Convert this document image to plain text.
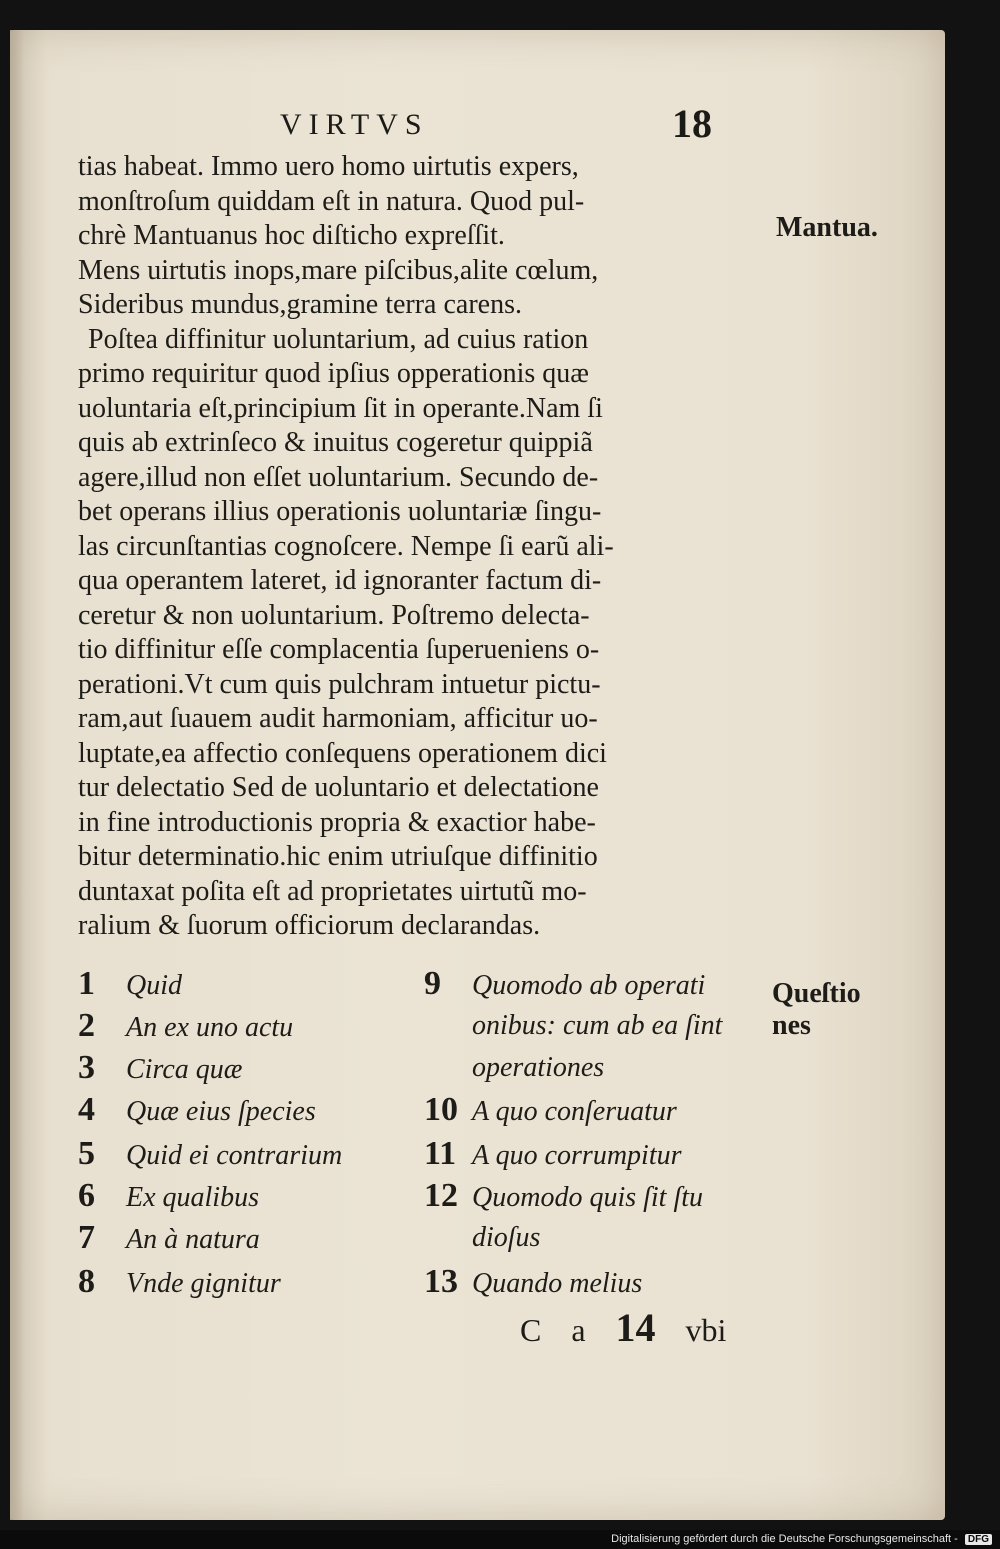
VIRTVS	18
tias habeat. Immo uero homo uirtutis expers,
monſtroſum quiddam eſt in natura. Quod pul-
chrè Mantuanus hoc diſticho expreſſit.
Mens uirtutis inops,mare piſcibus,alite cœlum,
Sideribus mundus,gramine terra carens.
Poſtea diffinitur uoluntarium, ad cuius ration
primo requiritur quod ipſius opperationis quæ
uoluntaria eſt,principium ſit in operante.Nam ſi
quis ab extrinſeco & inuitus cogeretur quippiã
agere,illud non eſſet uoluntarium. Secundo de-
bet operans illius operationis uoluntariæ ſingu-
las circunſtantias cognoſcere. Nempe ſi earũ ali-
qua operantem lateret, id ignoranter factum di-
ceretur & non uoluntarium. Poſtremo delecta-
tio diffinitur eſſe complacentia ſuperueniens o-
perationi.Vt cum quis pulchram intuetur pictu-
ram,aut ſuauem audit harmoniam, afficitur uo-
luptate,ea affectio conſequens operationem dici
tur delectatio Sed de uoluntario et delectatione
in fine introductionis propria & exactior habe-
bitur determinatio.hic enim utriuſque diffinitio
duntaxat poſita eſt ad proprietates uirtutũ mo-
ralium & ſuorum officiorum declarandas.
Mantua.
Queſtio
nes
1 Quid
2 An ex uno actu
3 Circa quæ
4 Quæ eius ſpecies
5 Quid ei contrarium
6 Ex qualibus
7 An à natura
8 Vnde gignitur
9 Quomodo ab operati
onibus: cum ab ea ſint
operationes
10 A quo conſeruatur
11 A quo corrumpitur
12 Quomodo quis ſit ſtu
dioſus
13 Quando melius
C a 14 vbi
Digitalisierung gefördert durch die Deutsche Forschungsgemeinschaft - DFG
